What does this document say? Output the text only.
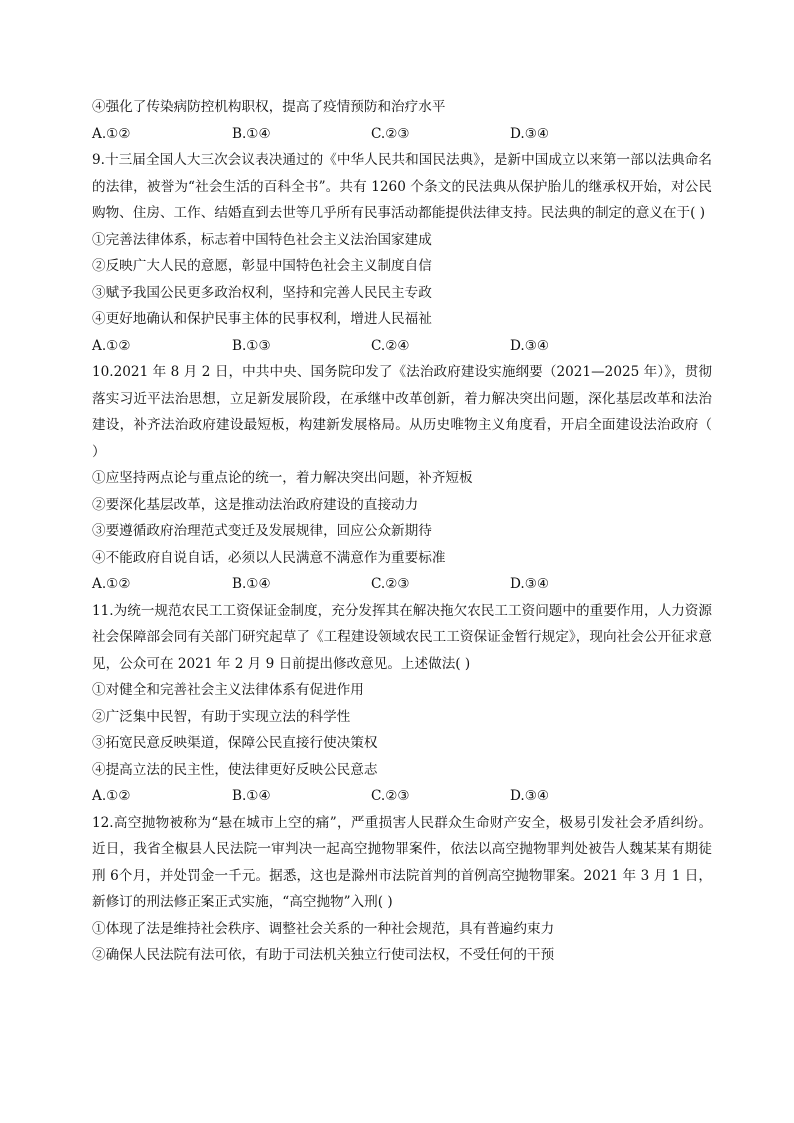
④强化了传染病防控机构职权，提高了疫情预防和治疗水平
A.①②	B.①④	C.②③	D.③④
9.十三届全国人大三次会议表决通过的《中华人民共和国民法典》，是新中国成立以来第一部以法典命名的法律，被誉为“社会生活的百科全书”。共有 1260 个条文的民法典从保护胎儿的继承权开始，对公民购物、住房、工作、结婚直到去世等几乎所有民事活动都能提供法律支持。民法典的制定的意义在于( )
①完善法律体系，标志着中国特色社会主义法治国家建成
②反映广大人民的意愿，彰显中国特色社会主义制度自信
③赋予我国公民更多政治权利，坚持和完善人民民主专政
④更好地确认和保护民事主体的民事权利，增进人民福祉
A.①②	B.①③	C.②④	D.③④
10.2021 年 8 月 2 日，中共中央、国务院印发了《法治政府建设实施纲要（2021—2025 年）》，贯彻落实习近平法治思想，立足新发展阶段，在承继中改革创新，着力解决突出问题，深化基层改革和法治建设，补齐法治政府建设最短板，构建新发展格局。从历史唯物主义角度看，开启全面建设法治政府（ ）
①应坚持两点论与重点论的统一，着力解决突出问题，补齐短板
②要深化基层改革，这是推动法治政府建设的直接动力
③要遵循政府治理范式变迁及发展规律，回应公众新期待
④不能政府自说自话，必须以人民满意不满意作为重要标准
A.①②	B.①④	C.②③	D.③④
11.为统一规范农民工工资保证金制度，充分发挥其在解决拖欠农民工工资问题中的重要作用，人力资源社会保障部会同有关部门研究起草了《工程建设领域农民工工资保证金暂行规定》，现向社会公开征求意见，公众可在 2021 年 2 月 9 日前提出修改意见。上述做法( )
①对健全和完善社会主义法律体系有促进作用
②广泛集中民智，有助于实现立法的科学性
③拓宽民意反映渠道，保障公民直接行使决策权
④提高立法的民主性，使法律更好反映公民意志
A.①②	B.①④	C.②③	D.③④
12.高空抛物被称为“悬在城市上空的痛”，严重损害人民群众生命财产安全，极易引发社会矛盾纠纷。近日，我省全椒县人民法院一审判决一起高空抛物罪案件，依法以高空抛物罪判处被告人魏某某有期徒刑 6个月，并处罚金一千元。据悉，这也是滁州市法院首判的首例高空抛物罪案。2021 年 3 月 1 日，新修订的刑法修正案正式实施，“高空抛物”入刑( )
①体现了法是维持社会秩序、调整社会关系的一种社会规范，具有普遍约束力
②确保人民法院有法可依，有助于司法机关独立行使司法权，不受任何的干预
